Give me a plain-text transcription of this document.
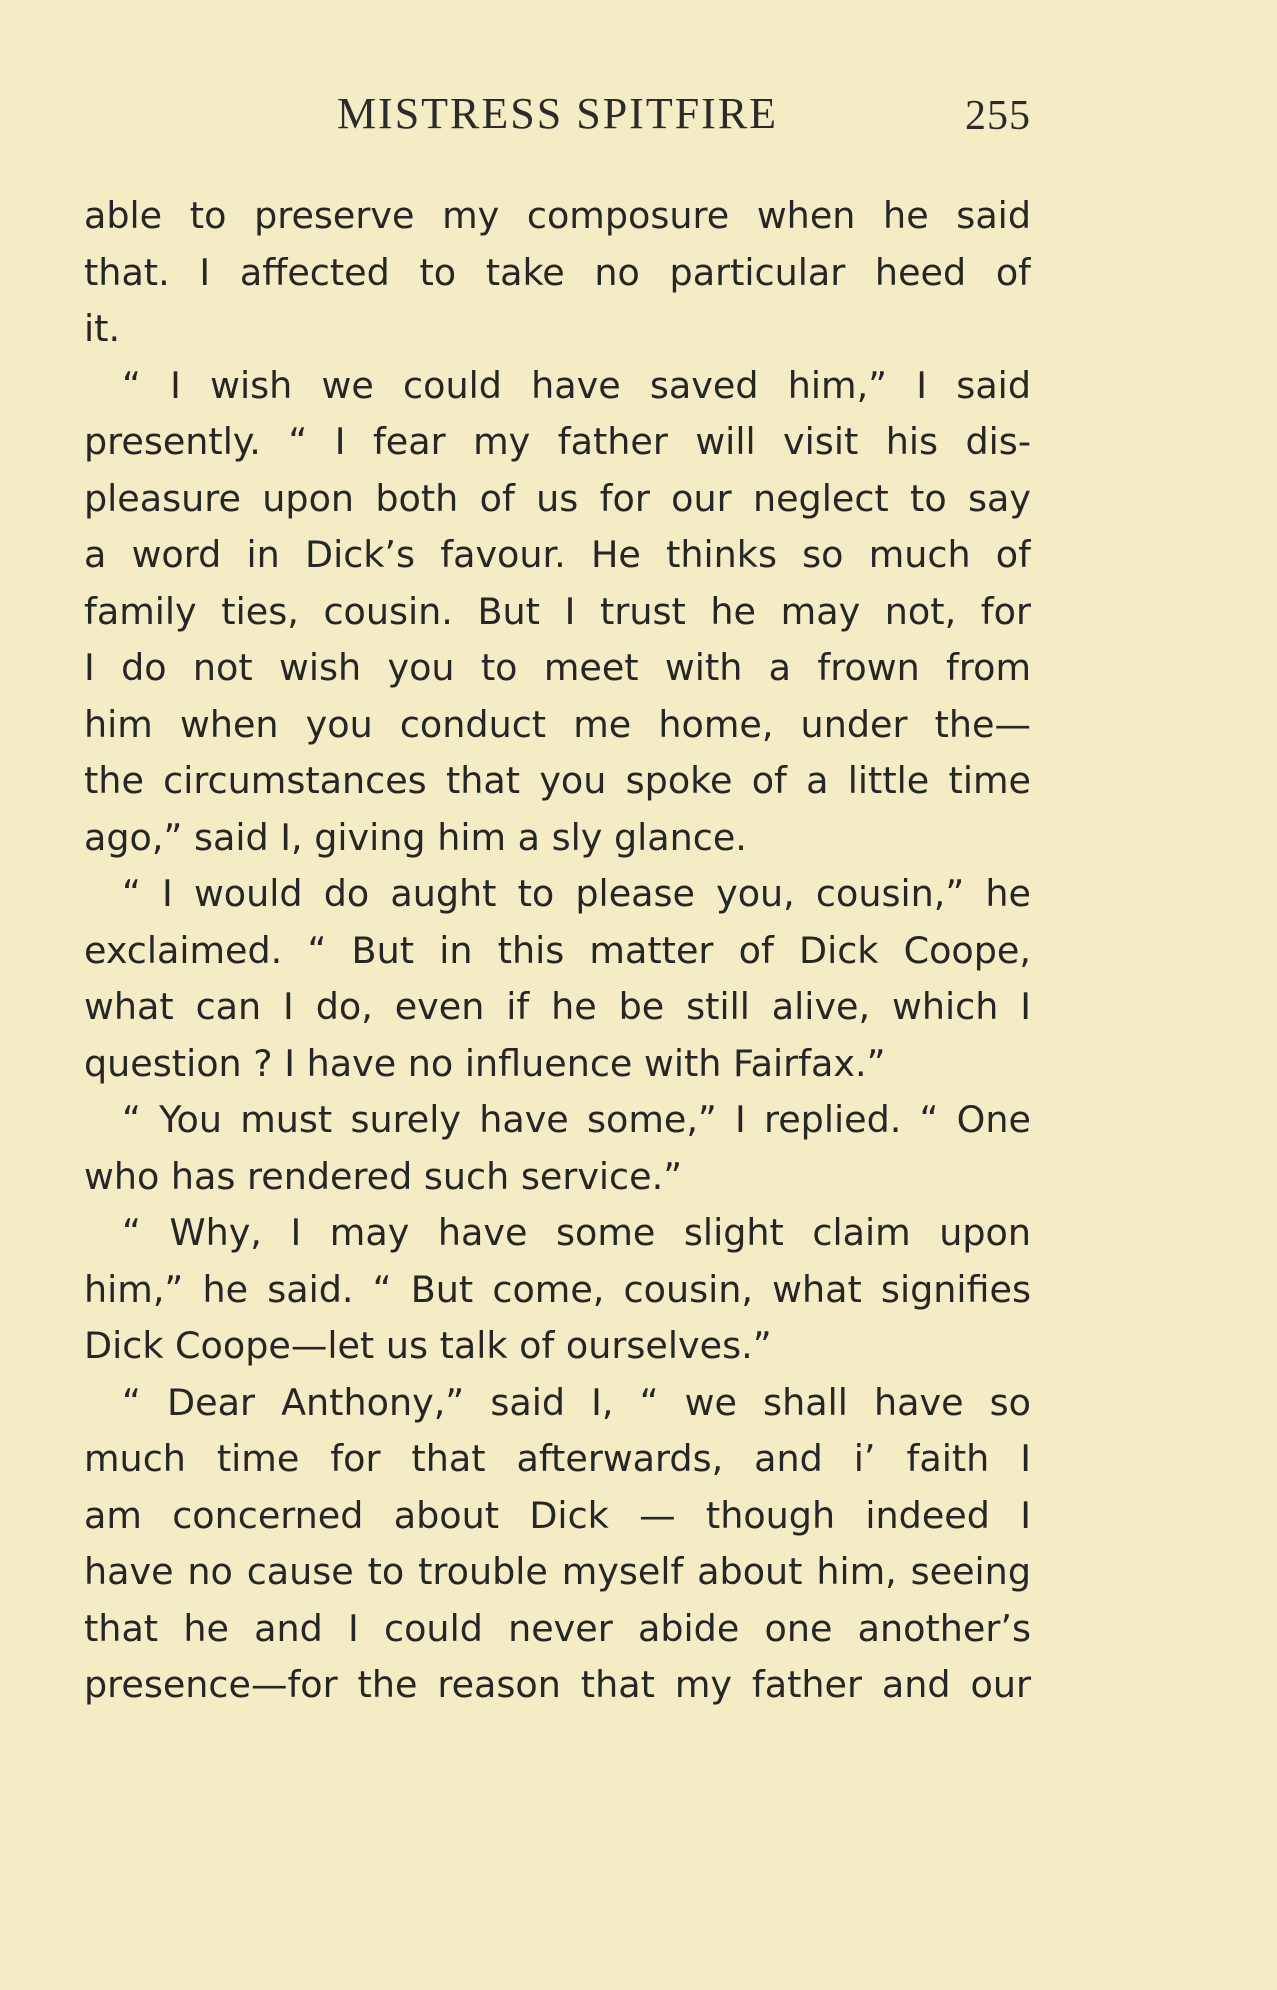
MISTRESS SPITFIRE	255
able to preserve my composure when he said
that. I affected to take no particular heed of
it.
“ I wish we could have saved him,” I said
presently. “ I fear my father will visit his dis-
pleasure upon both of us for our neglect to say
a word in Dick’s favour. He thinks so much of
family ties, cousin. But I trust he may not, for
I do not wish you to meet with a frown from
him when you conduct me home, under the—
the circumstances that you spoke of a little time
ago,” said I, giving him a sly glance.
“ I would do aught to please you, cousin,” he
exclaimed. “ But in this matter of Dick Coope,
what can I do, even if he be still alive, which I
question ? I have no influence with Fairfax.”
“ You must surely have some,” I replied. “ One
who has rendered such service.”
“ Why, I may have some slight claim upon
him,” he said. “ But come, cousin, what signifies
Dick Coope—let us talk of ourselves.”
“ Dear Anthony,” said I, “ we shall have so
much time for that afterwards, and i’ faith I
am concerned about Dick — though indeed I
have no cause to trouble myself about him, seeing
that he and I could never abide one another’s
presence—for the reason that my father and our
